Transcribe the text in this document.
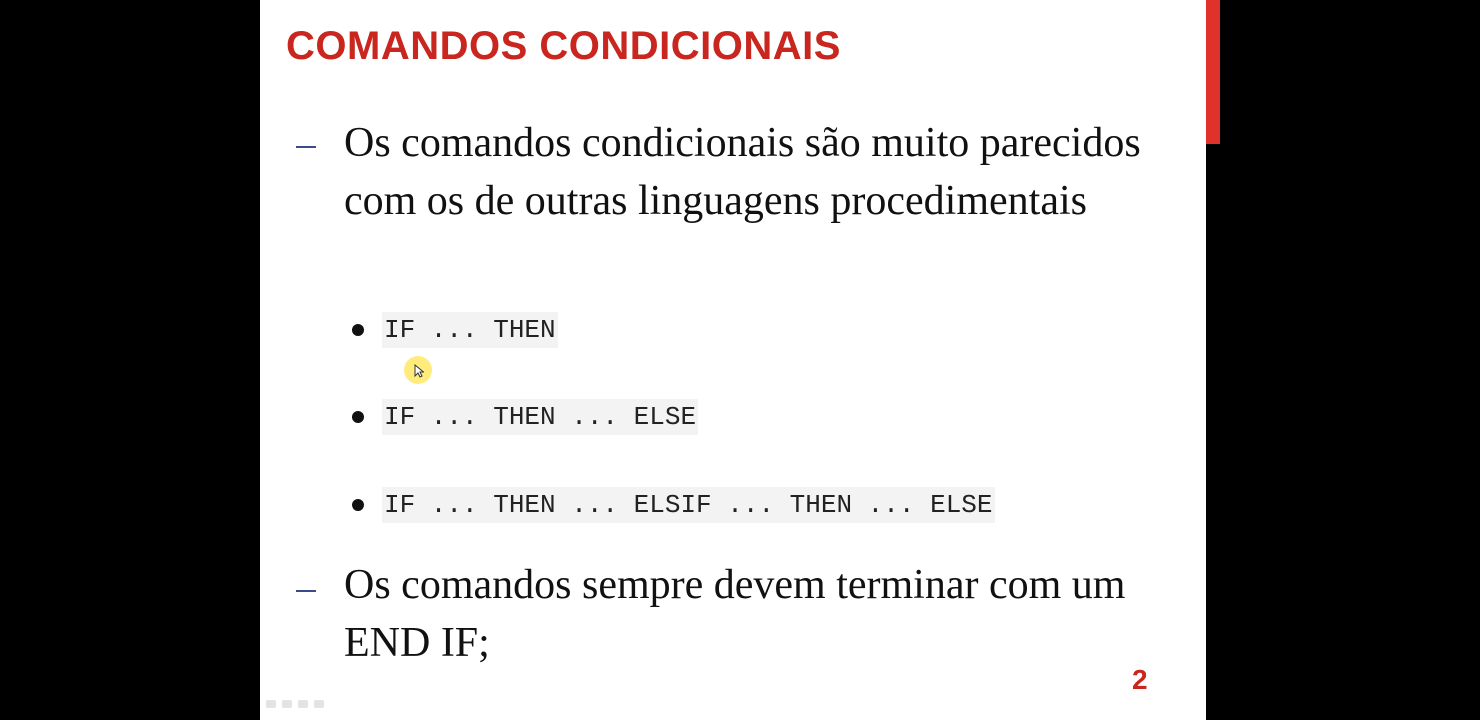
COMANDOS CONDICIONAIS

Os comandos condicionais são muito parecidos com os de outras linguagens procedimentais

IF ... THEN
IF ... THEN ... ELSE
IF ... THEN ... ELSIF ... THEN ... ELSE

Os comandos sempre devem terminar com um END IF;

2
